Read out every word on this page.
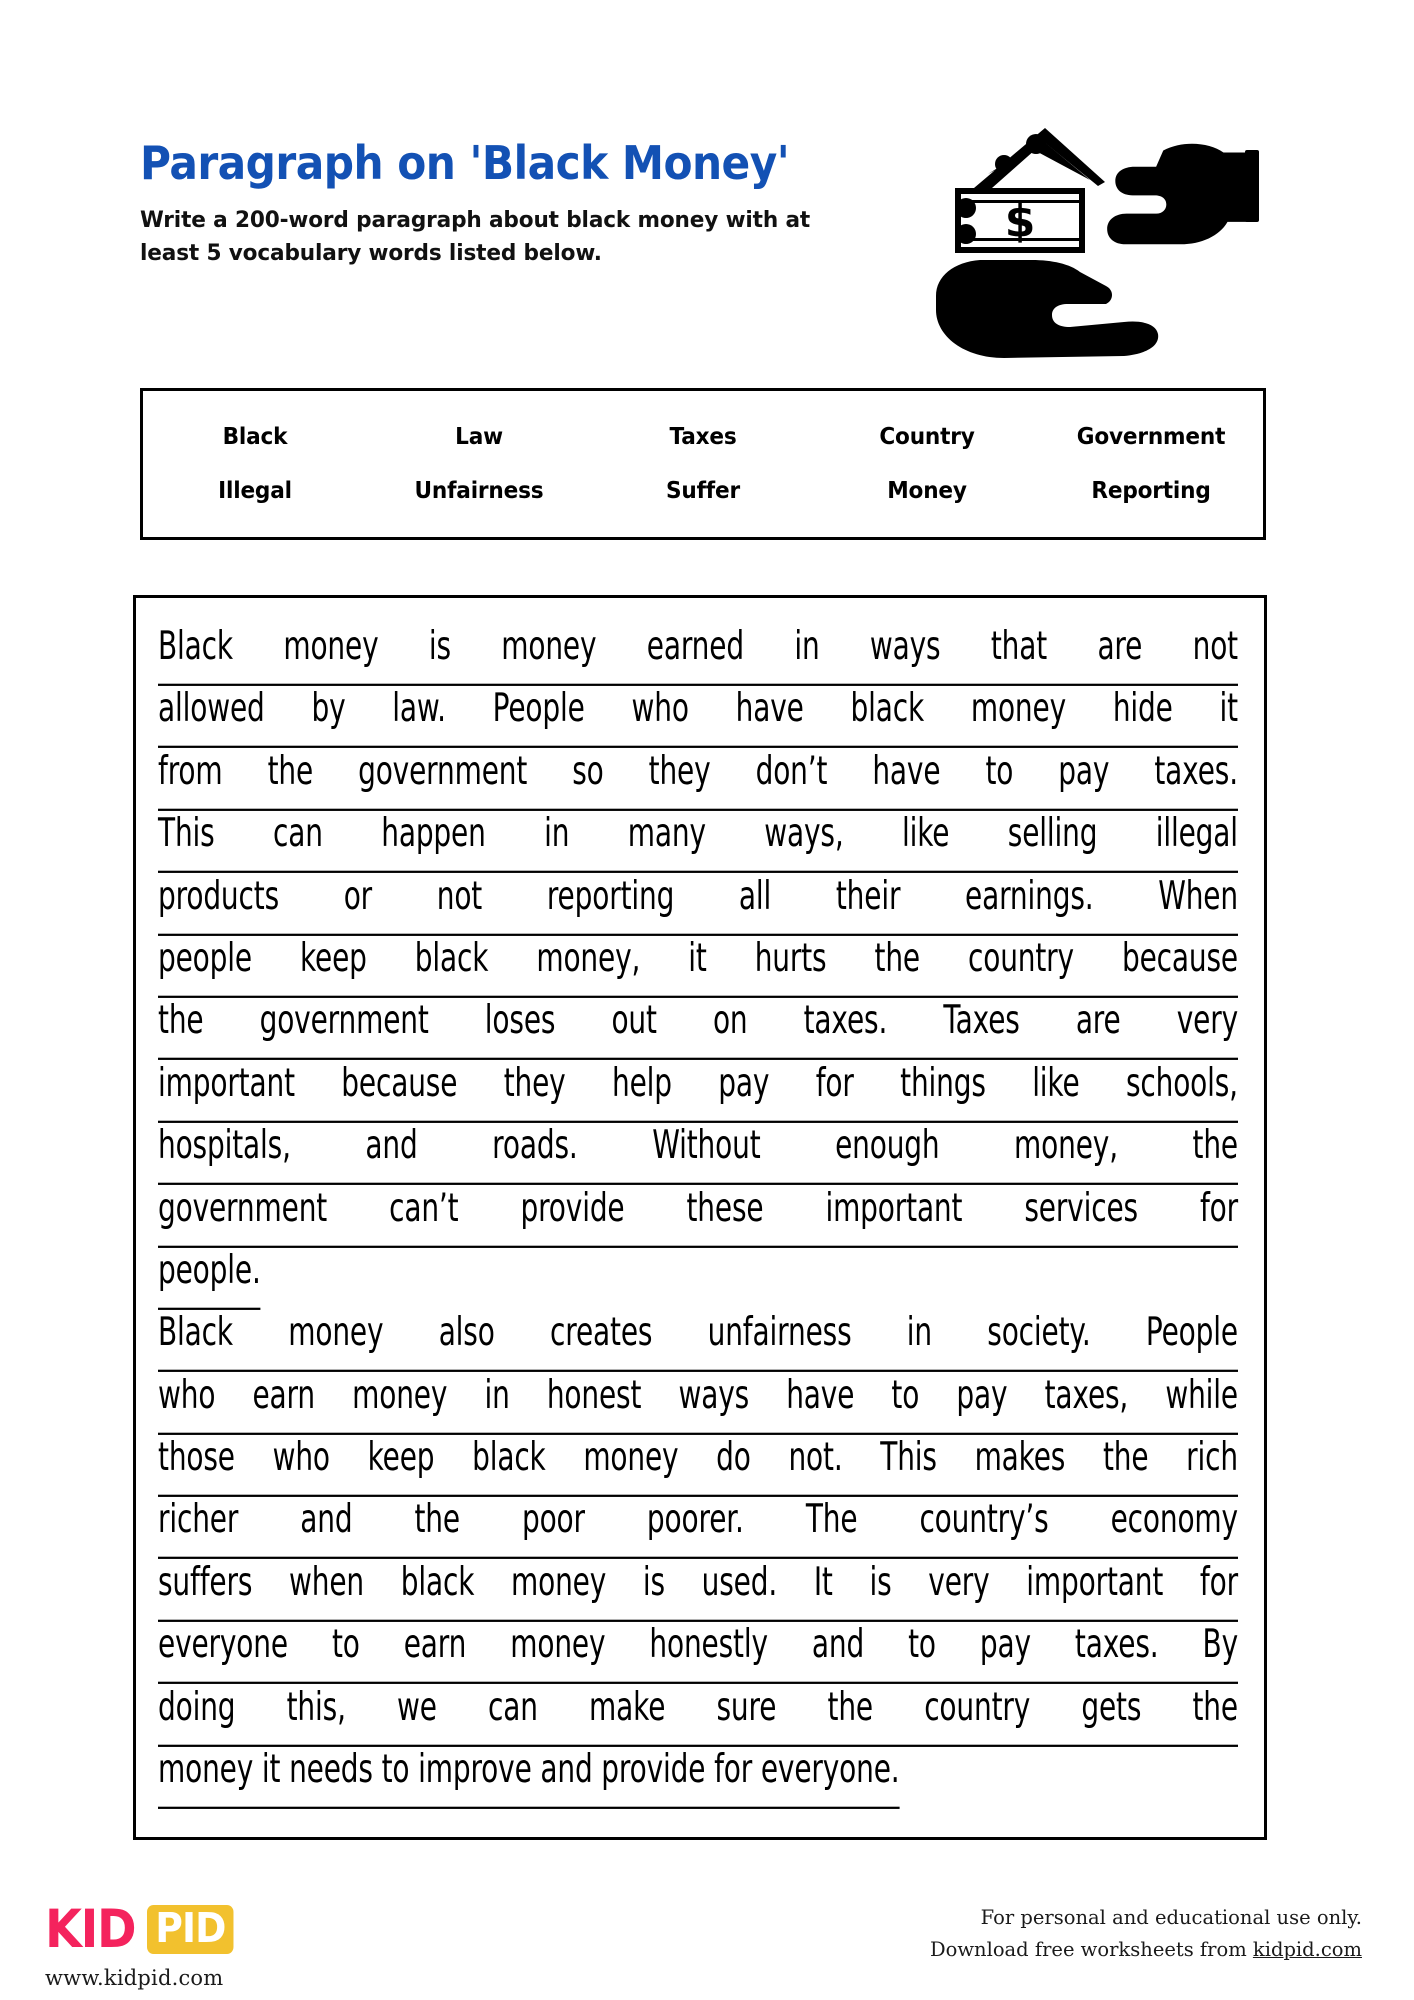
Paragraph on 'Black Money'

Write a 200-word paragraph about black money with at
least 5 vocabulary words listed below.

$
Black	Law	Taxes	Country	Government
Illegal	Unfairness	Suffer	Money	Reporting
Black money is money earned in ways that are not
allowed by law. People who have black money hide it
from the government so they don’t have to pay taxes.
This can happen in many ways, like selling illegal
products or not reporting all their earnings. When
people keep black money, it hurts the country because
the government loses out on taxes. Taxes are very
important because they help pay for things like schools,
hospitals, and roads. Without enough money, the
government can’t provide these important services for
people.
Black money also creates unfairness in society. People
who earn money in honest ways have to pay taxes, while
those who keep black money do not. This makes the rich
richer and the poor poorer. The country’s economy
suffers when black money is used. It is very important for
everyone to earn money honestly and to pay taxes. By
doing this, we can make sure the country gets the
money it needs to improve and provide for everyone.
KID PID
www.kidpid.com
For personal and educational use only.
Download free worksheets from kidpid.com
